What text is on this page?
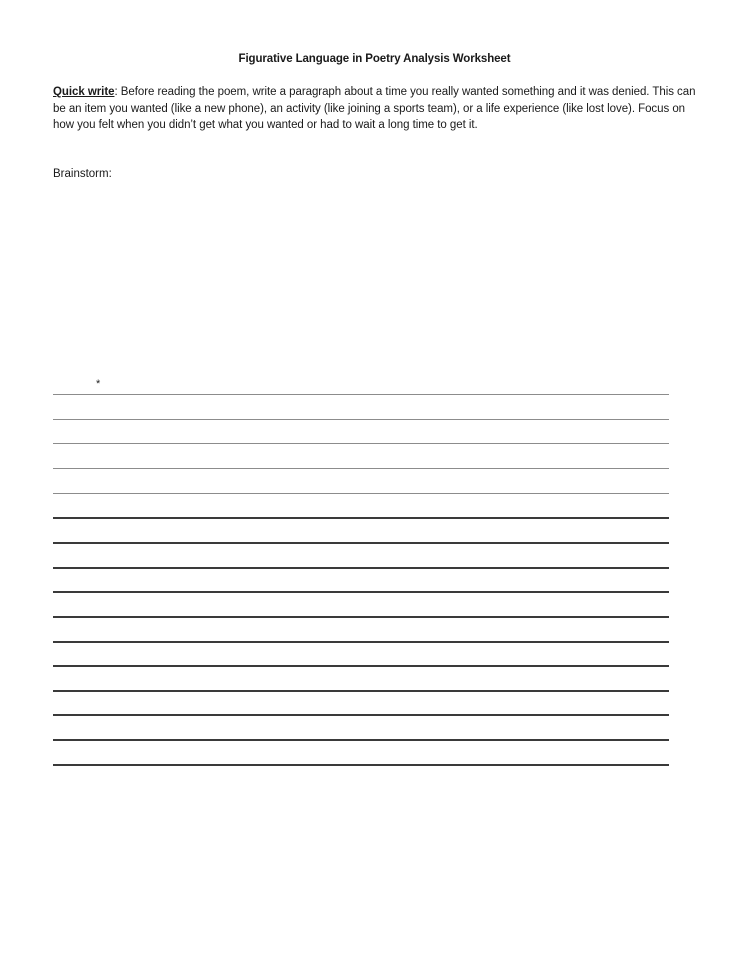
Figurative Language in Poetry Analysis Worksheet
Quick write: Before reading the poem, write a paragraph about a time you really wanted something and it was denied. This can be an item you wanted (like a new phone), an activity (like joining a sports team), or a life experience (like lost love). Focus on how you felt when you didn’t get what you wanted or had to wait a long time to get it.
Brainstorm:
*
